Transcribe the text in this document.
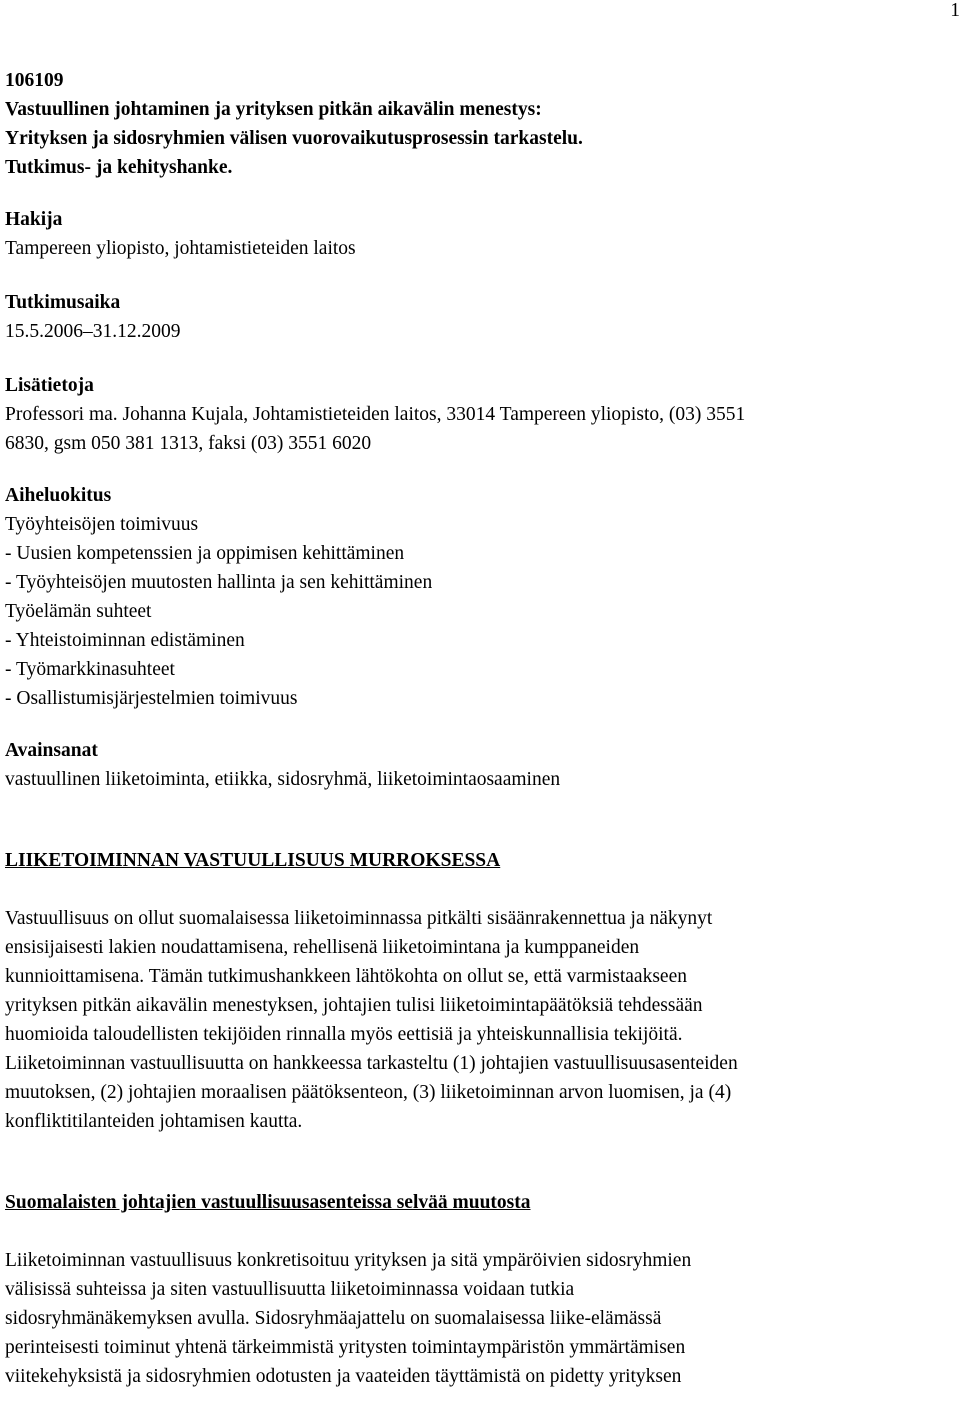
1
106109
Vastuullinen johtaminen ja yrityksen pitkän aikavälin menestys:
Yrityksen ja sidosryhmien välisen vuorovaikutusprosessin tarkastelu.
Tutkimus- ja kehityshanke.
Hakija
Tampereen yliopisto, johtamistieteiden laitos
Tutkimusaika
15.5.2006–31.12.2009
Lisätietoja
Professori ma. Johanna Kujala, Johtamistieteiden laitos, 33014 Tampereen yliopisto, (03) 3551
6830, gsm 050 381 1313, faksi (03) 3551 6020
Aiheluokitus
Työyhteisöjen toimivuus
- Uusien kompetenssien ja oppimisen kehittäminen
- Työyhteisöjen muutosten hallinta ja sen kehittäminen
Työelämän suhteet
- Yhteistoiminnan edistäminen
- Työmarkkinasuhteet
- Osallistumisjärjestelmien toimivuus
Avainsanat
vastuullinen liiketoiminta, etiikka, sidosryhmä, liiketoimintaosaaminen
LIIKETOIMINNAN VASTUULLISUUS MURROKSESSA
Vastuullisuus on ollut suomalaisessa liiketoiminnassa pitkälti sisäänrakennettua ja näkynyt
ensisijaisesti lakien noudattamisena, rehellisenä liiketoimintana ja kumppaneiden
kunnioittamisena. Tämän tutkimushankkeen lähtökohta on ollut se, että varmistaakseen
yrityksen pitkän aikavälin menestyksen, johtajien tulisi liiketoimintapäätöksiä tehdessään
huomioida taloudellisten tekijöiden rinnalla myös eettisiä ja yhteiskunnallisia tekijöitä.
Liiketoiminnan vastuullisuutta on hankkeessa tarkasteltu (1) johtajien vastuullisuusasenteiden
muutoksen, (2) johtajien moraalisen päätöksenteon, (3) liiketoiminnan arvon luomisen, ja (4)
konfliktitilanteiden johtamisen kautta.
Suomalaisten johtajien vastuullisuusasenteissa selvää muutosta
Liiketoiminnan vastuullisuus konkretisoituu yrityksen ja sitä ympäröivien sidosryhmien
välisissä suhteissa ja siten vastuullisuutta liiketoiminnassa voidaan tutkia
sidosryhmänäkemyksen avulla. Sidosryhmäajattelu on suomalaisessa liike-elämässä
perinteisesti toiminut yhtenä tärkeimmistä yritysten toimintaympäristön ymmärtämisen
viitekehyksistä ja sidosryhmien odotusten ja vaateiden täyttämistä on pidetty yrityksen
